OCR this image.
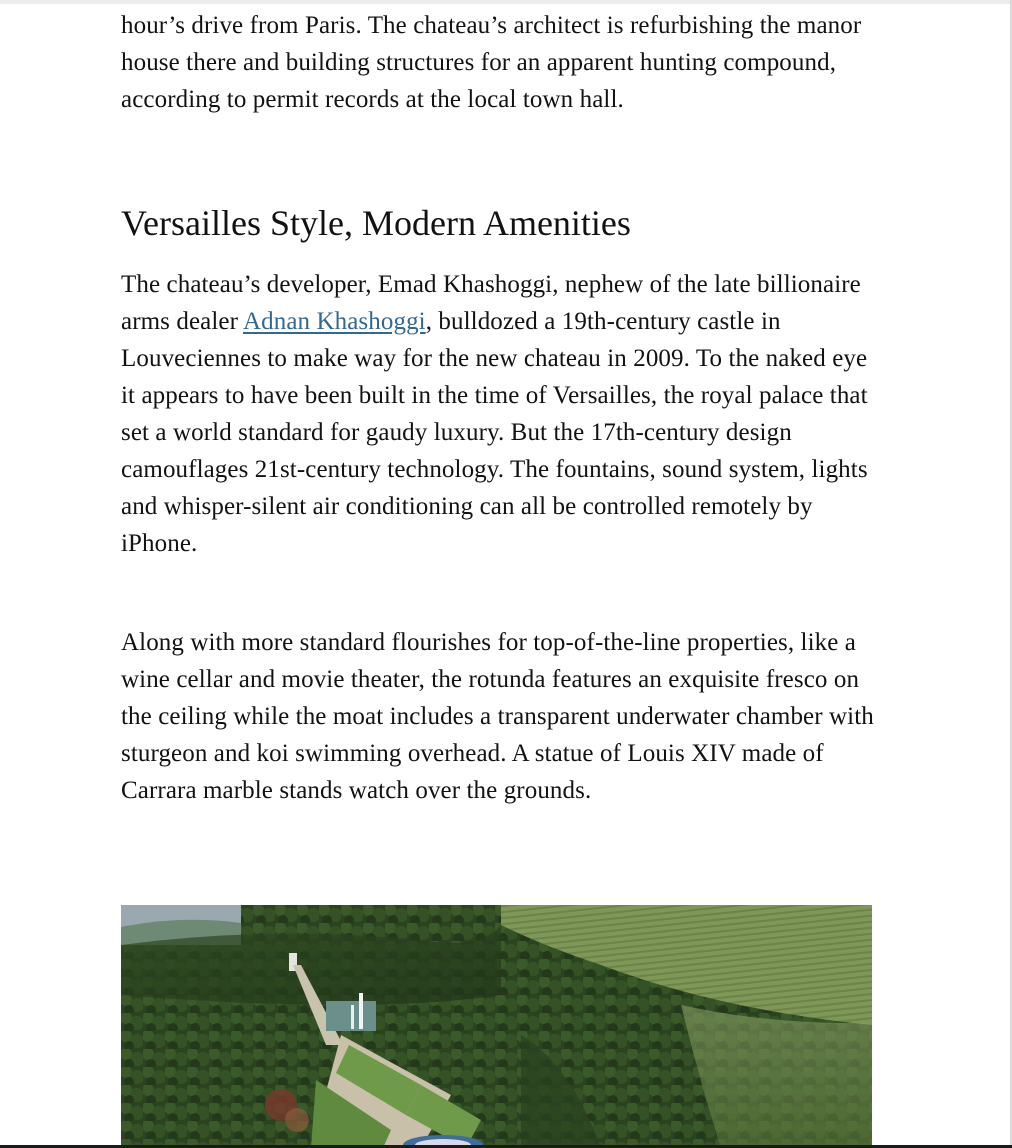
hour’s drive from Paris. The chateau’s architect is refurbishing the manor house there and building structures for an apparent hunting compound, according to permit records at the local town hall.

Versailles Style, Modern Amenities

The chateau’s developer, Emad Khashoggi, nephew of the late billionaire arms dealer Adnan Khashoggi, bulldozed a 19th-century castle in Louveciennes to make way for the new chateau in 2009. To the naked eye it appears to have been built in the time of Versailles, the royal palace that set a world standard for gaudy luxury. But the 17th-century design camouflages 21st-century technology. The fountains, sound system, lights and whisper-silent air conditioning can all be controlled remotely by iPhone.

Along with more standard flourishes for top-of-the-line properties, like a wine cellar and movie theater, the rotunda features an exquisite fresco on the ceiling while the moat includes a transparent underwater chamber with sturgeon and koi swimming overhead. A statue of Louis XIV made of Carrara marble stands watch over the grounds.
